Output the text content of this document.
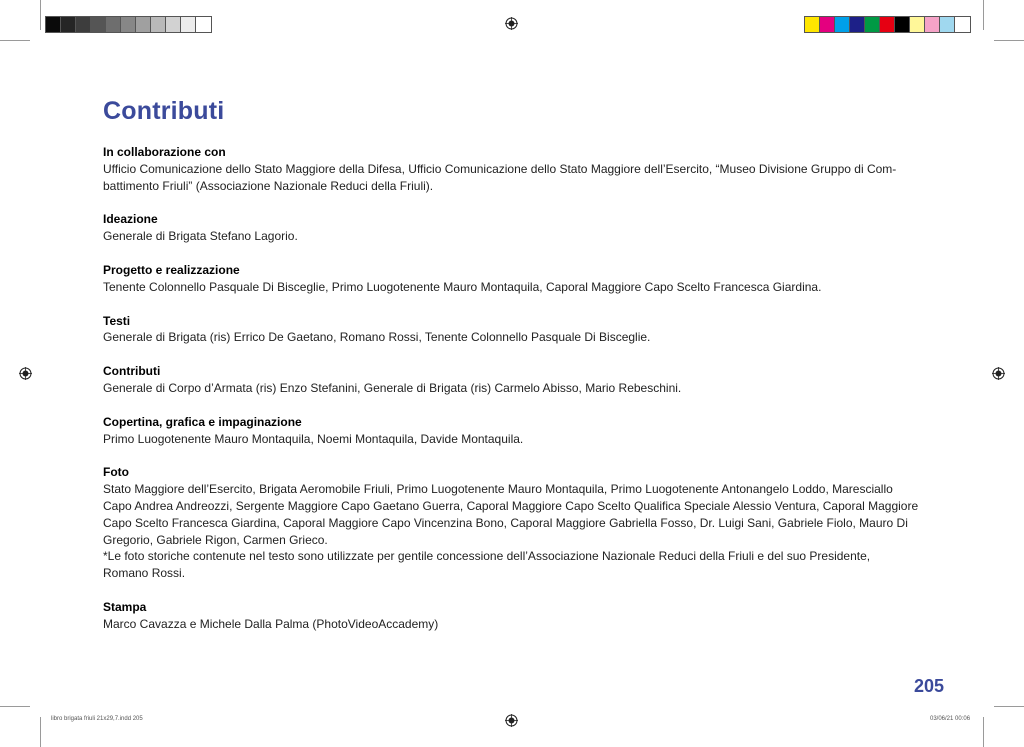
Contributi
In collaborazione con
Ufficio Comunicazione dello Stato Maggiore della Difesa, Ufficio Comunicazione dello Stato Maggiore dell’Esercito, “Museo Divisione Gruppo di Com-
battimento Friuli” (Associazione Nazionale Reduci della Friuli).
Ideazione
Generale di Brigata Stefano Lagorio.
Progetto e realizzazione
Tenente Colonnello Pasquale Di Bisceglie, Primo Luogotenente Mauro Montaquila, Caporal Maggiore Capo Scelto Francesca Giardina.
Testi
Generale di Brigata (ris) Errico De Gaetano, Romano Rossi, Tenente Colonnello Pasquale Di Bisceglie.
Contributi
Generale di Corpo d’Armata (ris) Enzo Stefanini, Generale di Brigata (ris) Carmelo Abisso, Mario Rebeschini.
Copertina, grafica e impaginazione
Primo Luogotenente Mauro Montaquila, Noemi Montaquila, Davide Montaquila.
Foto
Stato Maggiore dell’Esercito, Brigata Aeromobile Friuli, Primo Luogotenente Mauro Montaquila, Primo Luogotenente Antonangelo Loddo, Maresciallo
Capo Andrea Andreozzi, Sergente Maggiore Capo Gaetano Guerra, Caporal Maggiore Capo Scelto Qualifica Speciale Alessio Ventura, Caporal Maggiore
Capo Scelto Francesca Giardina, Caporal Maggiore Capo Vincenzina Bono, Caporal Maggiore Gabriella Fosso, Dr. Luigi Sani, Gabriele Fiolo, Mauro Di
Gregorio, Gabriele Rigon, Carmen Grieco.
*Le foto storiche contenute nel testo sono utilizzate per gentile concessione dell’Associazione Nazionale Reduci della Friuli e del suo Presidente,
Romano Rossi.
Stampa
Marco Cavazza e Michele Dalla Palma (PhotoVideoAccademy)
205
libro brigata friuli 21x29,7.indd 205	03/06/21 00:06
